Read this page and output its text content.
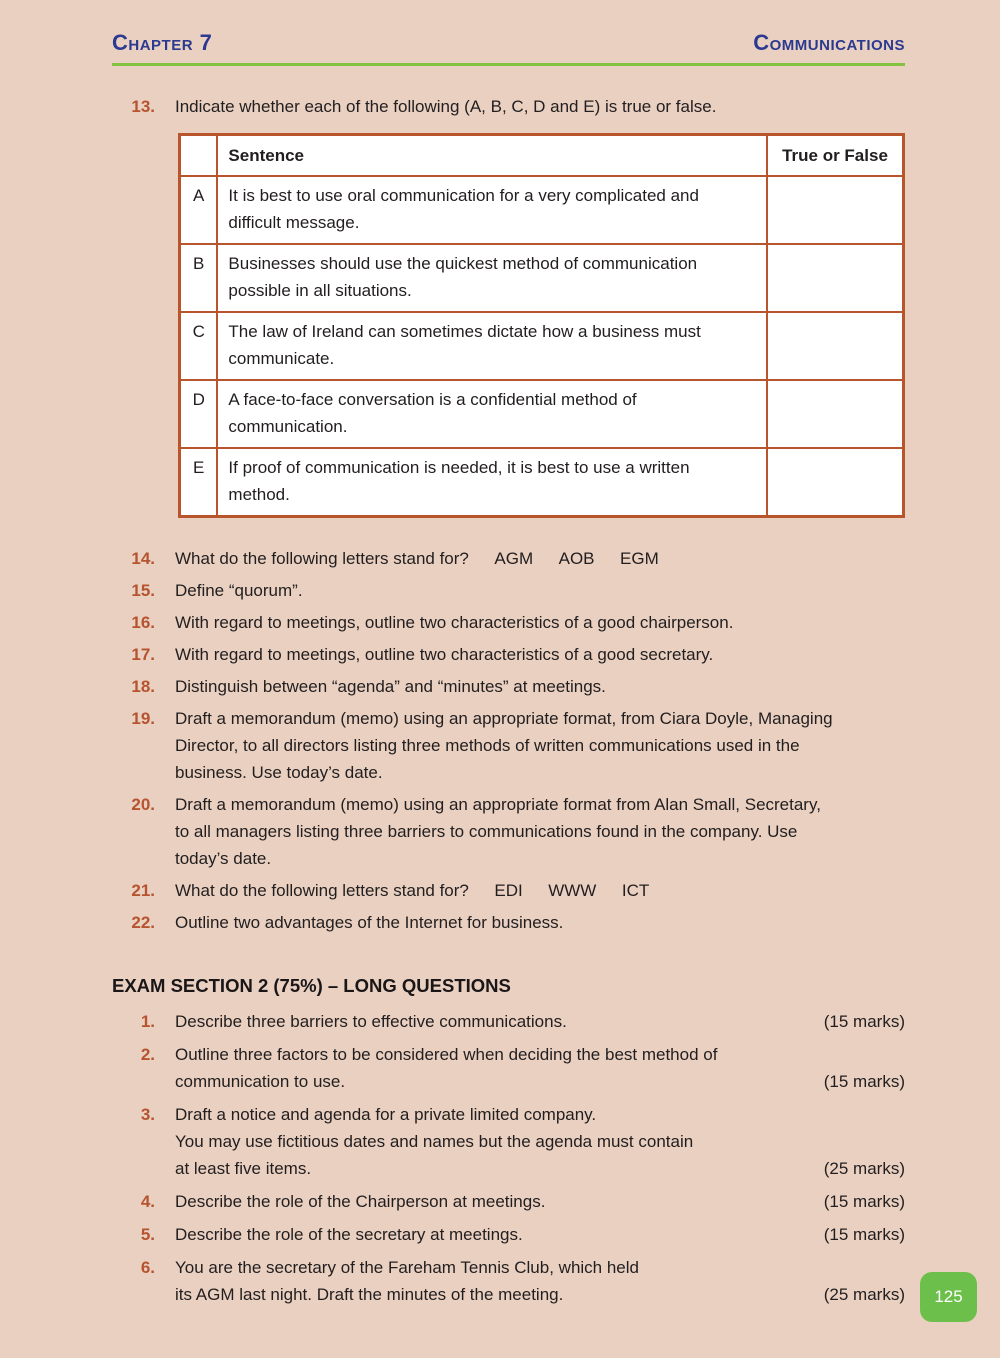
Chapter 7	Communications
13. Indicate whether each of the following (A, B, C, D and E) is true or false.
	Sentence	True or False
A	It is best to use oral communication for a very complicated and difficult message.	
B	Businesses should use the quickest method of communication possible in all situations.	
C	The law of Ireland can sometimes dictate how a business must communicate.	
D	A face-to-face conversation is a confidential method of communication.	
E	If proof of communication is needed, it is best to use a written method.	
14. What do the following letters stand for?  AGM  AOB  EGM
15. Define “quorum”.
16. With regard to meetings, outline two characteristics of a good chairperson.
17. With regard to meetings, outline two characteristics of a good secretary.
18. Distinguish between “agenda” and “minutes” at meetings.
19. Draft a memorandum (memo) using an appropriate format, from Ciara Doyle, Managing
Director, to all directors listing three methods of written communications used in the
business. Use today’s date.
20. Draft a memorandum (memo) using an appropriate format from Alan Small, Secretary,
to all managers listing three barriers to communications found in the company. Use
today’s date.
21. What do the following letters stand for?  EDI  WWW  ICT
22. Outline two advantages of the Internet for business.
EXAM SECTION 2 (75%) – LONG QUESTIONS
1. Describe three barriers to effective communications.	(15 marks)
2. Outline three factors to be considered when deciding the best method of
communication to use.	(15 marks)
3. Draft a notice and agenda for a private limited company.
You may use fictitious dates and names but the agenda must contain
at least five items.	(25 marks)
4. Describe the role of the Chairperson at meetings.	(15 marks)
5. Describe the role of the secretary at meetings.	(15 marks)
6. You are the secretary of the Fareham Tennis Club, which held
its AGM last night. Draft the minutes of the meeting.	(25 marks)	125
